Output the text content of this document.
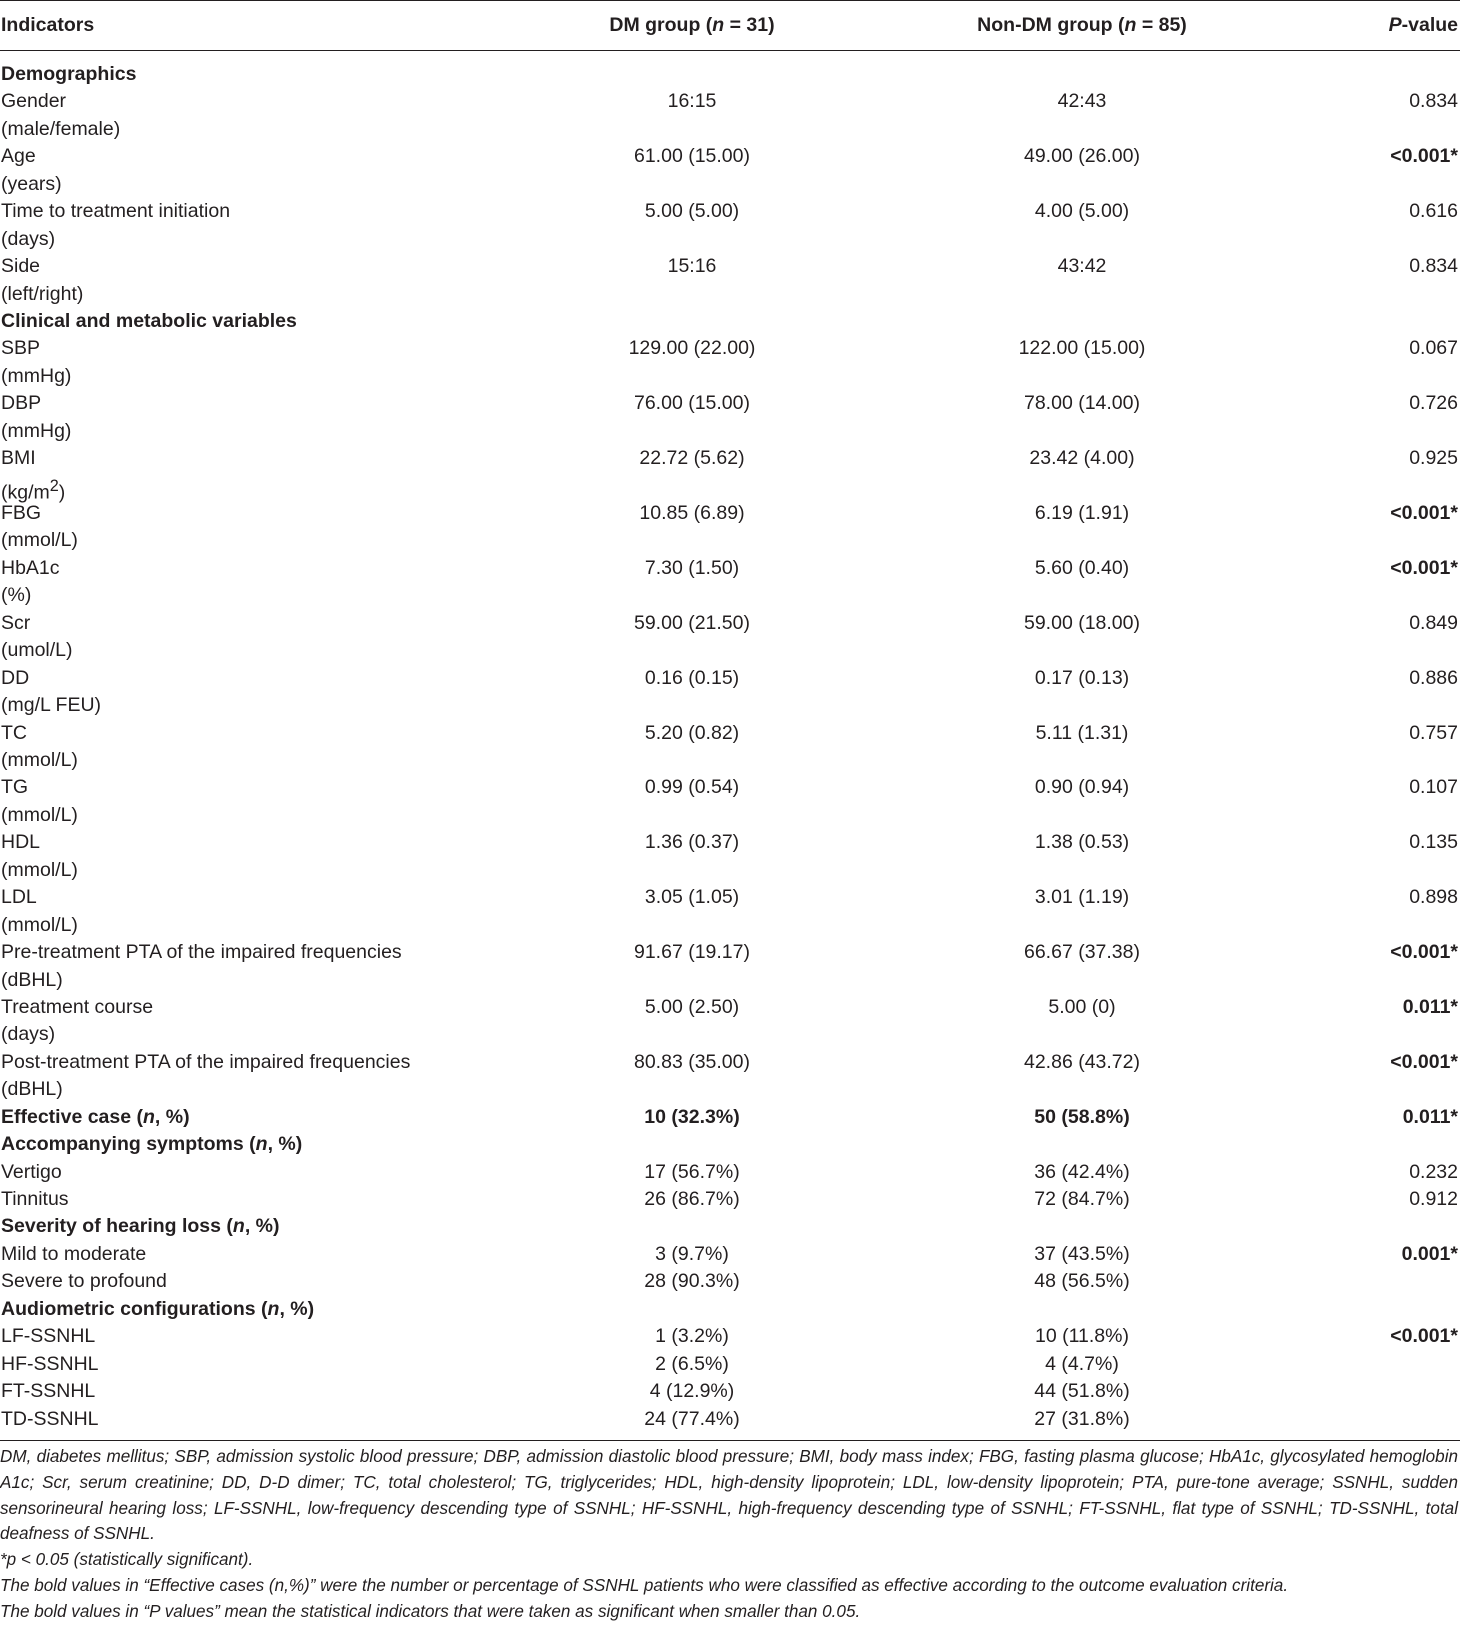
Indicators	DM group (n = 31)	Non-DM group (n = 85)	P-value
Demographics
Gender	16:15	42:43	0.834
(male/female)
Age	61.00 (15.00)	49.00 (26.00)	<0.001*
(years)
Time to treatment initiation	5.00 (5.00)	4.00 (5.00)	0.616
(days)
Side	15:16	43:42	0.834
(left/right)
Clinical and metabolic variables
SBP	129.00 (22.00)	122.00 (15.00)	0.067
(mmHg)
DBP	76.00 (15.00)	78.00 (14.00)	0.726
(mmHg)
BMI	22.72 (5.62)	23.42 (4.00)	0.925
$(kg/m^2)$
FBG	10.85 (6.89)	6.19 (1.91)	<0.001*
(mmol/L)
HbA1c	7.30 (1.50)	5.60 (0.40)	<0.001*
(%)
Scr	59.00 (21.50)	59.00 (18.00)	0.849
(umol/L)
DD	0.16 (0.15)	0.17 (0.13)	0.886
(mg/L FEU)
TC	5.20 (0.82)	5.11 (1.31)	0.757
(mmol/L)
TG	0.99 (0.54)	0.90 (0.94)	0.107
(mmol/L)
HDL	1.36 (0.37)	1.38 (0.53)	0.135
(mmol/L)
LDL	3.05 (1.05)	3.01 (1.19)	0.898
(mmol/L)
Pre-treatment PTA of the impaired frequencies	91.67 (19.17)	66.67 (37.38)	<0.001*
(dBHL)
Treatment course	5.00 (2.50)	5.00 (0)	0.011*
(days)
Post-treatment PTA of the impaired frequencies	80.83 (35.00)	42.86 (43.72)	<0.001*
(dBHL)
Effective case (n, %)	10 (32.3%)	50 (58.8%)	0.011*
Accompanying symptoms (n, %)
Vertigo	17 (56.7%)	36 (42.4%)	0.232
Tinnitus	26 (86.7%)	72 (84.7%)	0.912
Severity of hearing loss (n, %)
Mild to moderate	3 (9.7%)	37 (43.5%)	0.001*
Severe to profound	28 (90.3%)	48 (56.5%)
Audiometric configurations (n, %)
LF-SSNHL	1 (3.2%)	10 (11.8%)	<0.001*
HF-SSNHL	2 (6.5%)	4 (4.7%)
FT-SSNHL	4 (12.9%)	44 (51.8%)
TD-SSNHL	24 (77.4%)	27 (31.8%)

DM, diabetes mellitus; SBP, admission systolic blood pressure; DBP, admission diastolic blood pressure; BMI, body mass index; FBG, fasting plasma glucose; HbA1c, glycosylated hemoglobin A1c; Scr, serum creatinine; DD, D-D dimer; TC, total cholesterol; TG, triglycerides; HDL, high-density lipoprotein; LDL, low-density lipoprotein; PTA, pure-tone average; SSNHL, sudden sensorineural hearing loss; LF-SSNHL, low-frequency descending type of SSNHL; HF-SSNHL, high-frequency descending type of SSNHL; FT-SSNHL, flat type of SSNHL; TD-SSNHL, total deafness of SSNHL.

*p < 0.05 (statistically significant).

The bold values in “Effective cases (n,%)” were the number or percentage of SSNHL patients who were classified as effective according to the outcome evaluation criteria.

The bold values in “P values” mean the statistical indicators that were taken as significant when smaller than 0.05.
